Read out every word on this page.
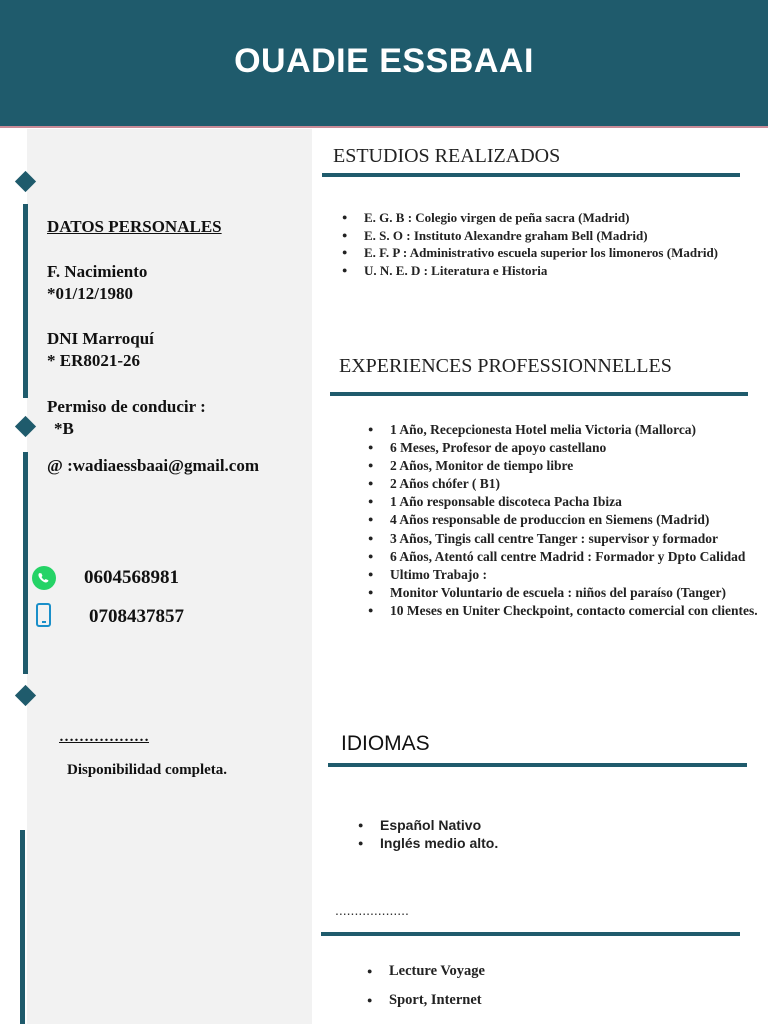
OUADIE ESSBAAI
DATOS PERSONALES
F. Nacimiento
*01/12/1980
DNI Marroquí
* ER8021-26
Permiso de conducir :
*B
@ :wadiaessbaai@gmail.com
0604568981
0708437857
………………
Disponibilidad completa.
ESTUDIOS REALIZADOS
● E. G. B : Colegio virgen de peña sacra (Madrid)
● E. S. O : Instituto Alexandre graham Bell (Madrid)
● E. F. P : Administrativo escuela superior los limoneros (Madrid)
● U. N. E. D : Literatura e Historia
EXPERIENCES PROFESSIONNELLES
● 1 Año, Recepcionesta Hotel melia Victoria (Mallorca)
● 6 Meses, Profesor de apoyo castellano
● 2 Años, Monitor de tiempo libre
● 2 Años chófer ( B1)
● 1 Año responsable discoteca Pacha Ibiza
● 4 Años responsable de produccion en Siemens (Madrid)
● 3 Años, Tingis call centre Tanger : supervisor y formador
● 6 Años, Atentó call centre Madrid : Formador y Dpto Calidad
● Ultimo Trabajo :
● Monitor Voluntario de escuela : niños del paraíso (Tanger)
● 10 Meses en Uniter Checkpoint, contacto comercial con clientes.
IDIOMAS
● Español Nativo
● Inglés medio alto.
...................
● Lecture Voyage
● Sport, Internet
